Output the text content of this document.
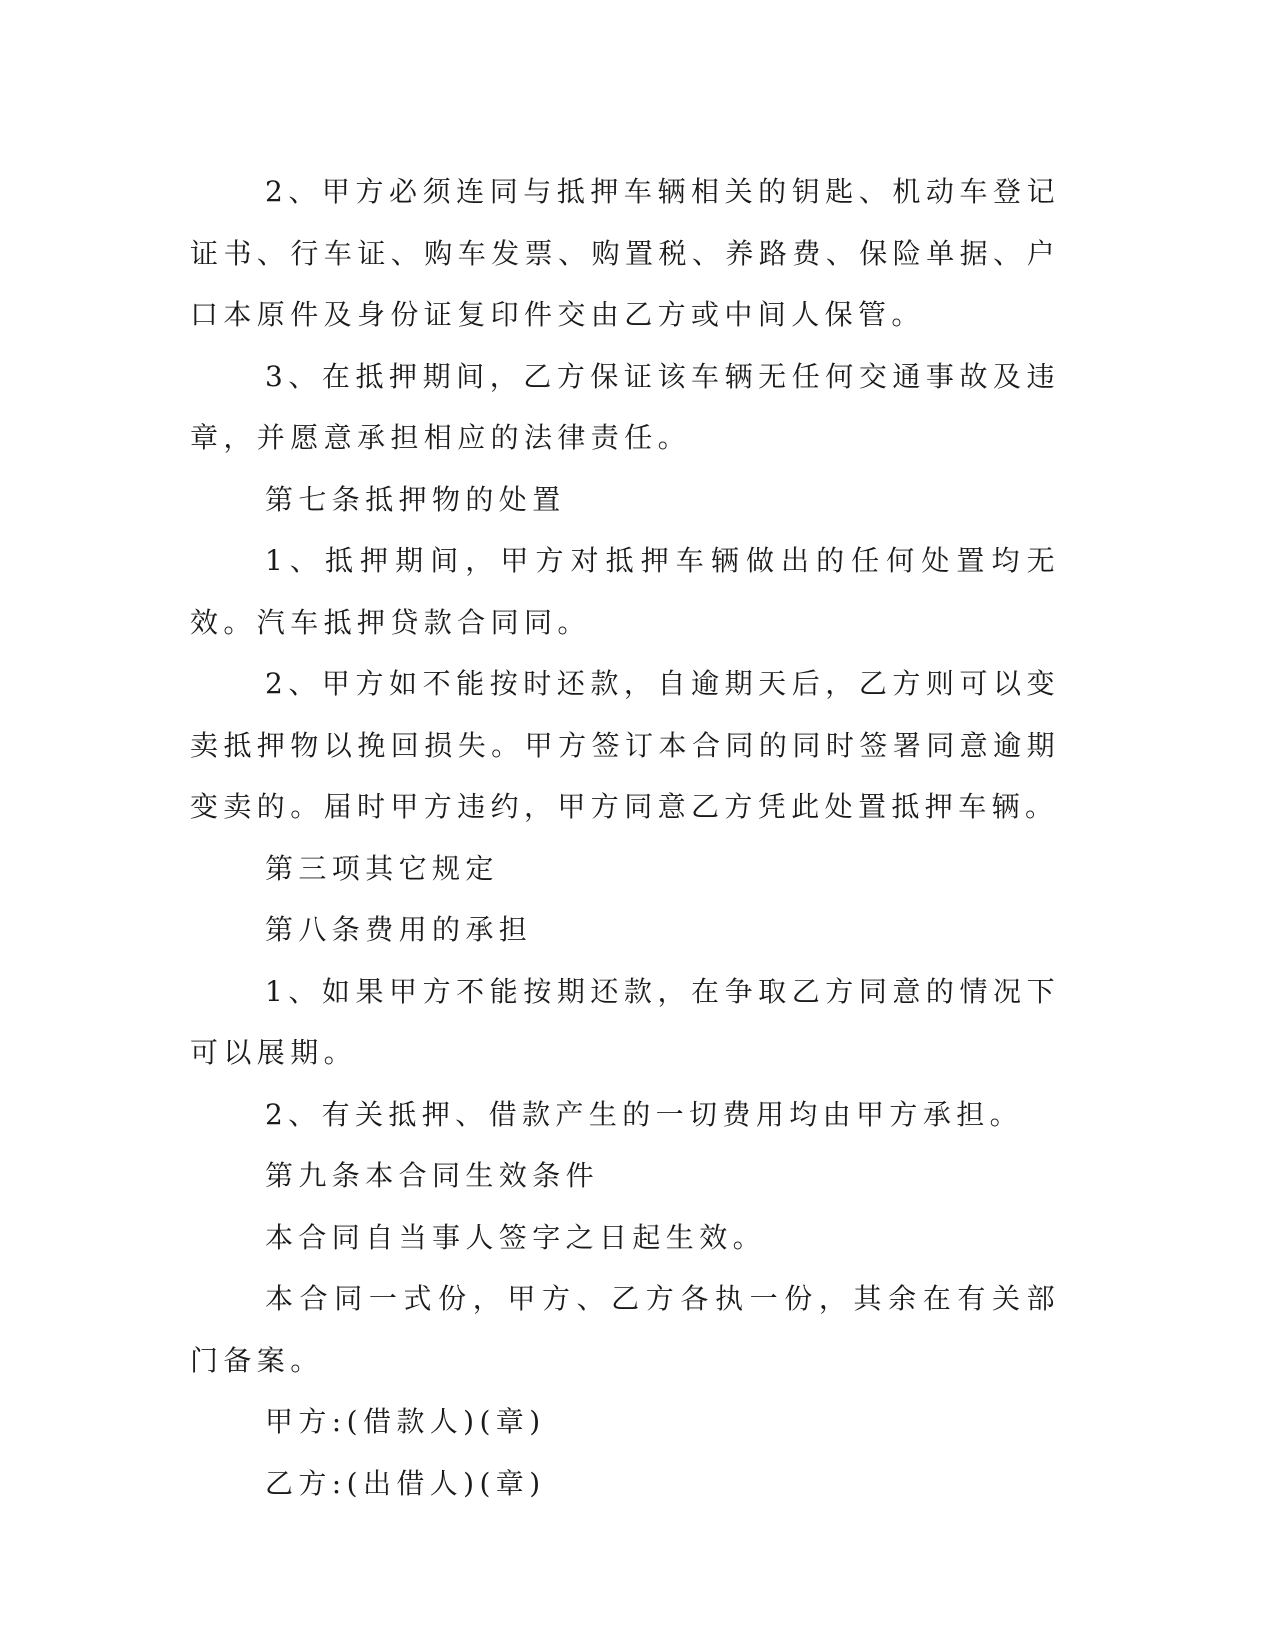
2、甲方必须连同与抵押车辆相关的钥匙、机动车登记证书、行车证、购车发票、购置税、养路费、保险单据、户口本原件及身份证复印件交由乙方或中间人保管。

3、在抵押期间，乙方保证该车辆无任何交通事故及违章，并愿意承担相应的法律责任。

第七条抵押物的处置

1、抵押期间，甲方对抵押车辆做出的任何处置均无效。汽车抵押贷款合同同。

2、甲方如不能按时还款，自逾期天后，乙方则可以变卖抵押物以挽回损失。甲方签订本合同的同时签署同意逾期变卖的。届时甲方违约，甲方同意乙方凭此处置抵押车辆。

第三项其它规定

第八条费用的承担

1、如果甲方不能按期还款，在争取乙方同意的情况下可以展期。

2、有关抵押、借款产生的一切费用均由甲方承担。

第九条本合同生效条件

本合同自当事人签字之日起生效。

本合同一式份，甲方、乙方各执一份，其余在有关部门备案。

甲方:(借款人)(章)

乙方:(出借人)(章)
